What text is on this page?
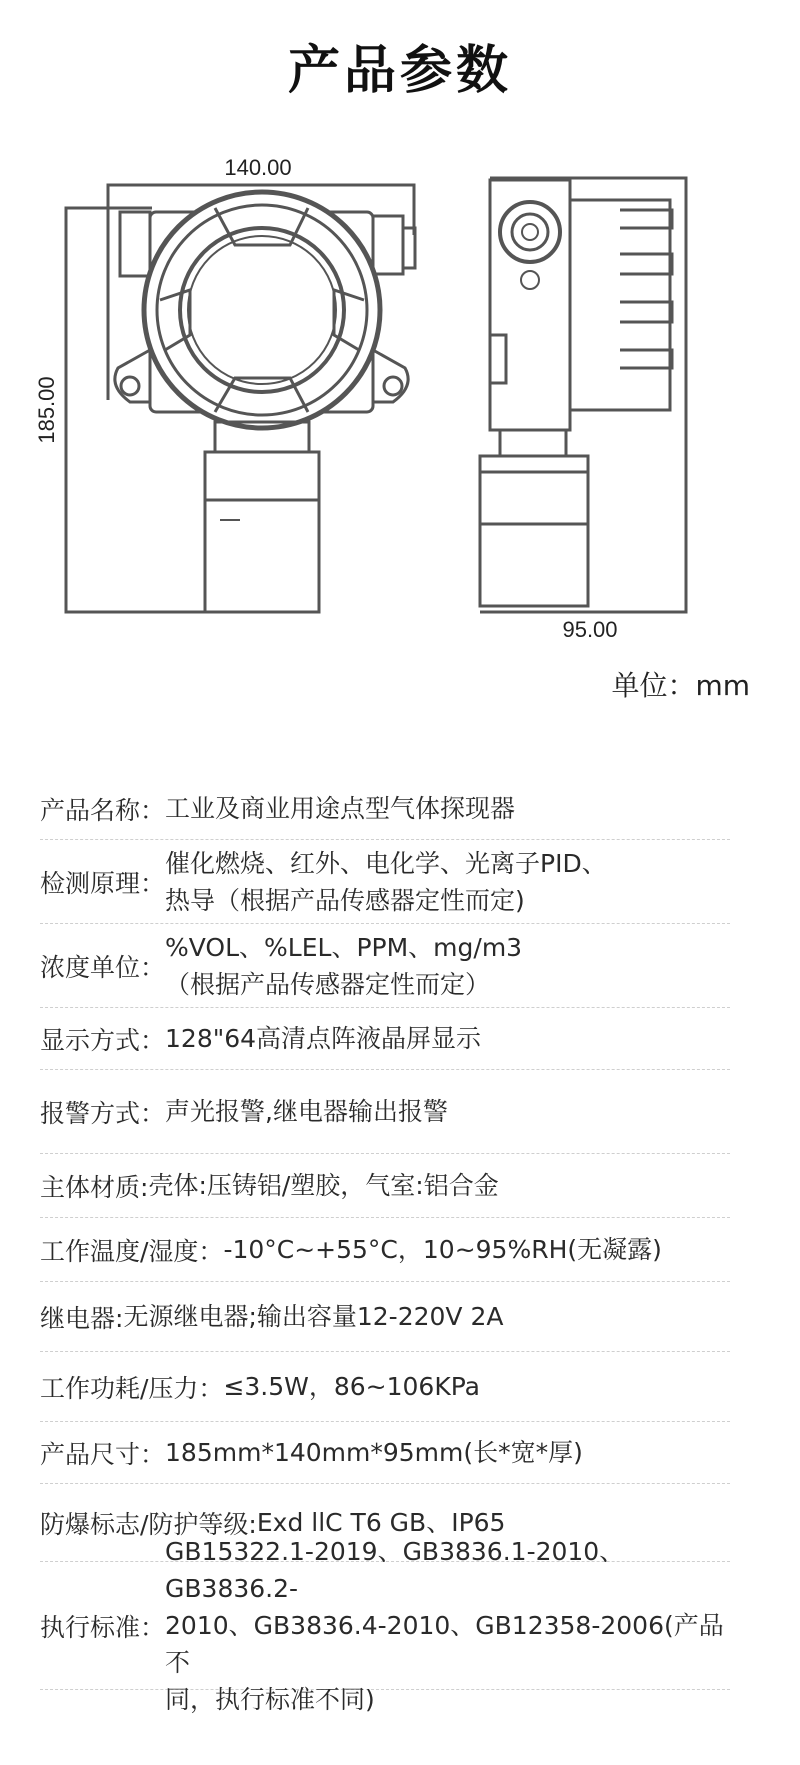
产品参数
140.00
185.00
95.00
单位：mm
产品名称： 工业及商业用途点型气体探现器
检测原理：
催化燃烧、红外、电化学、光离子PID、
热导（根据产品传感器定性而定)
浓度单位：
%VOL、%LEL、PPM、mg/m3
（根据产品传感器定性而定）
显示方式： 128"64高清点阵液晶屏显示
报警方式： 声光报警,继电器输出报警
主体材质: 壳体:压铸铝/塑胶，气室:铝合金
工作温度/湿度： -10°C~+55°C，10~95%RH(无凝露)
继电器: 无源继电器;输出容量12-220V 2A
工作功耗/压力： ≤3.5W，86~106KPa
产品尺寸： 185mm*140mm*95mm(长*宽*厚)
防爆标志/防护等级: Exd llC T6 GB、IP65
执行标准：
GB15322.1-2019、GB3836.1-2010、GB3836.2-
2010、GB3836.4-2010、GB12358-2006(产品不
同，执行标准不同)
